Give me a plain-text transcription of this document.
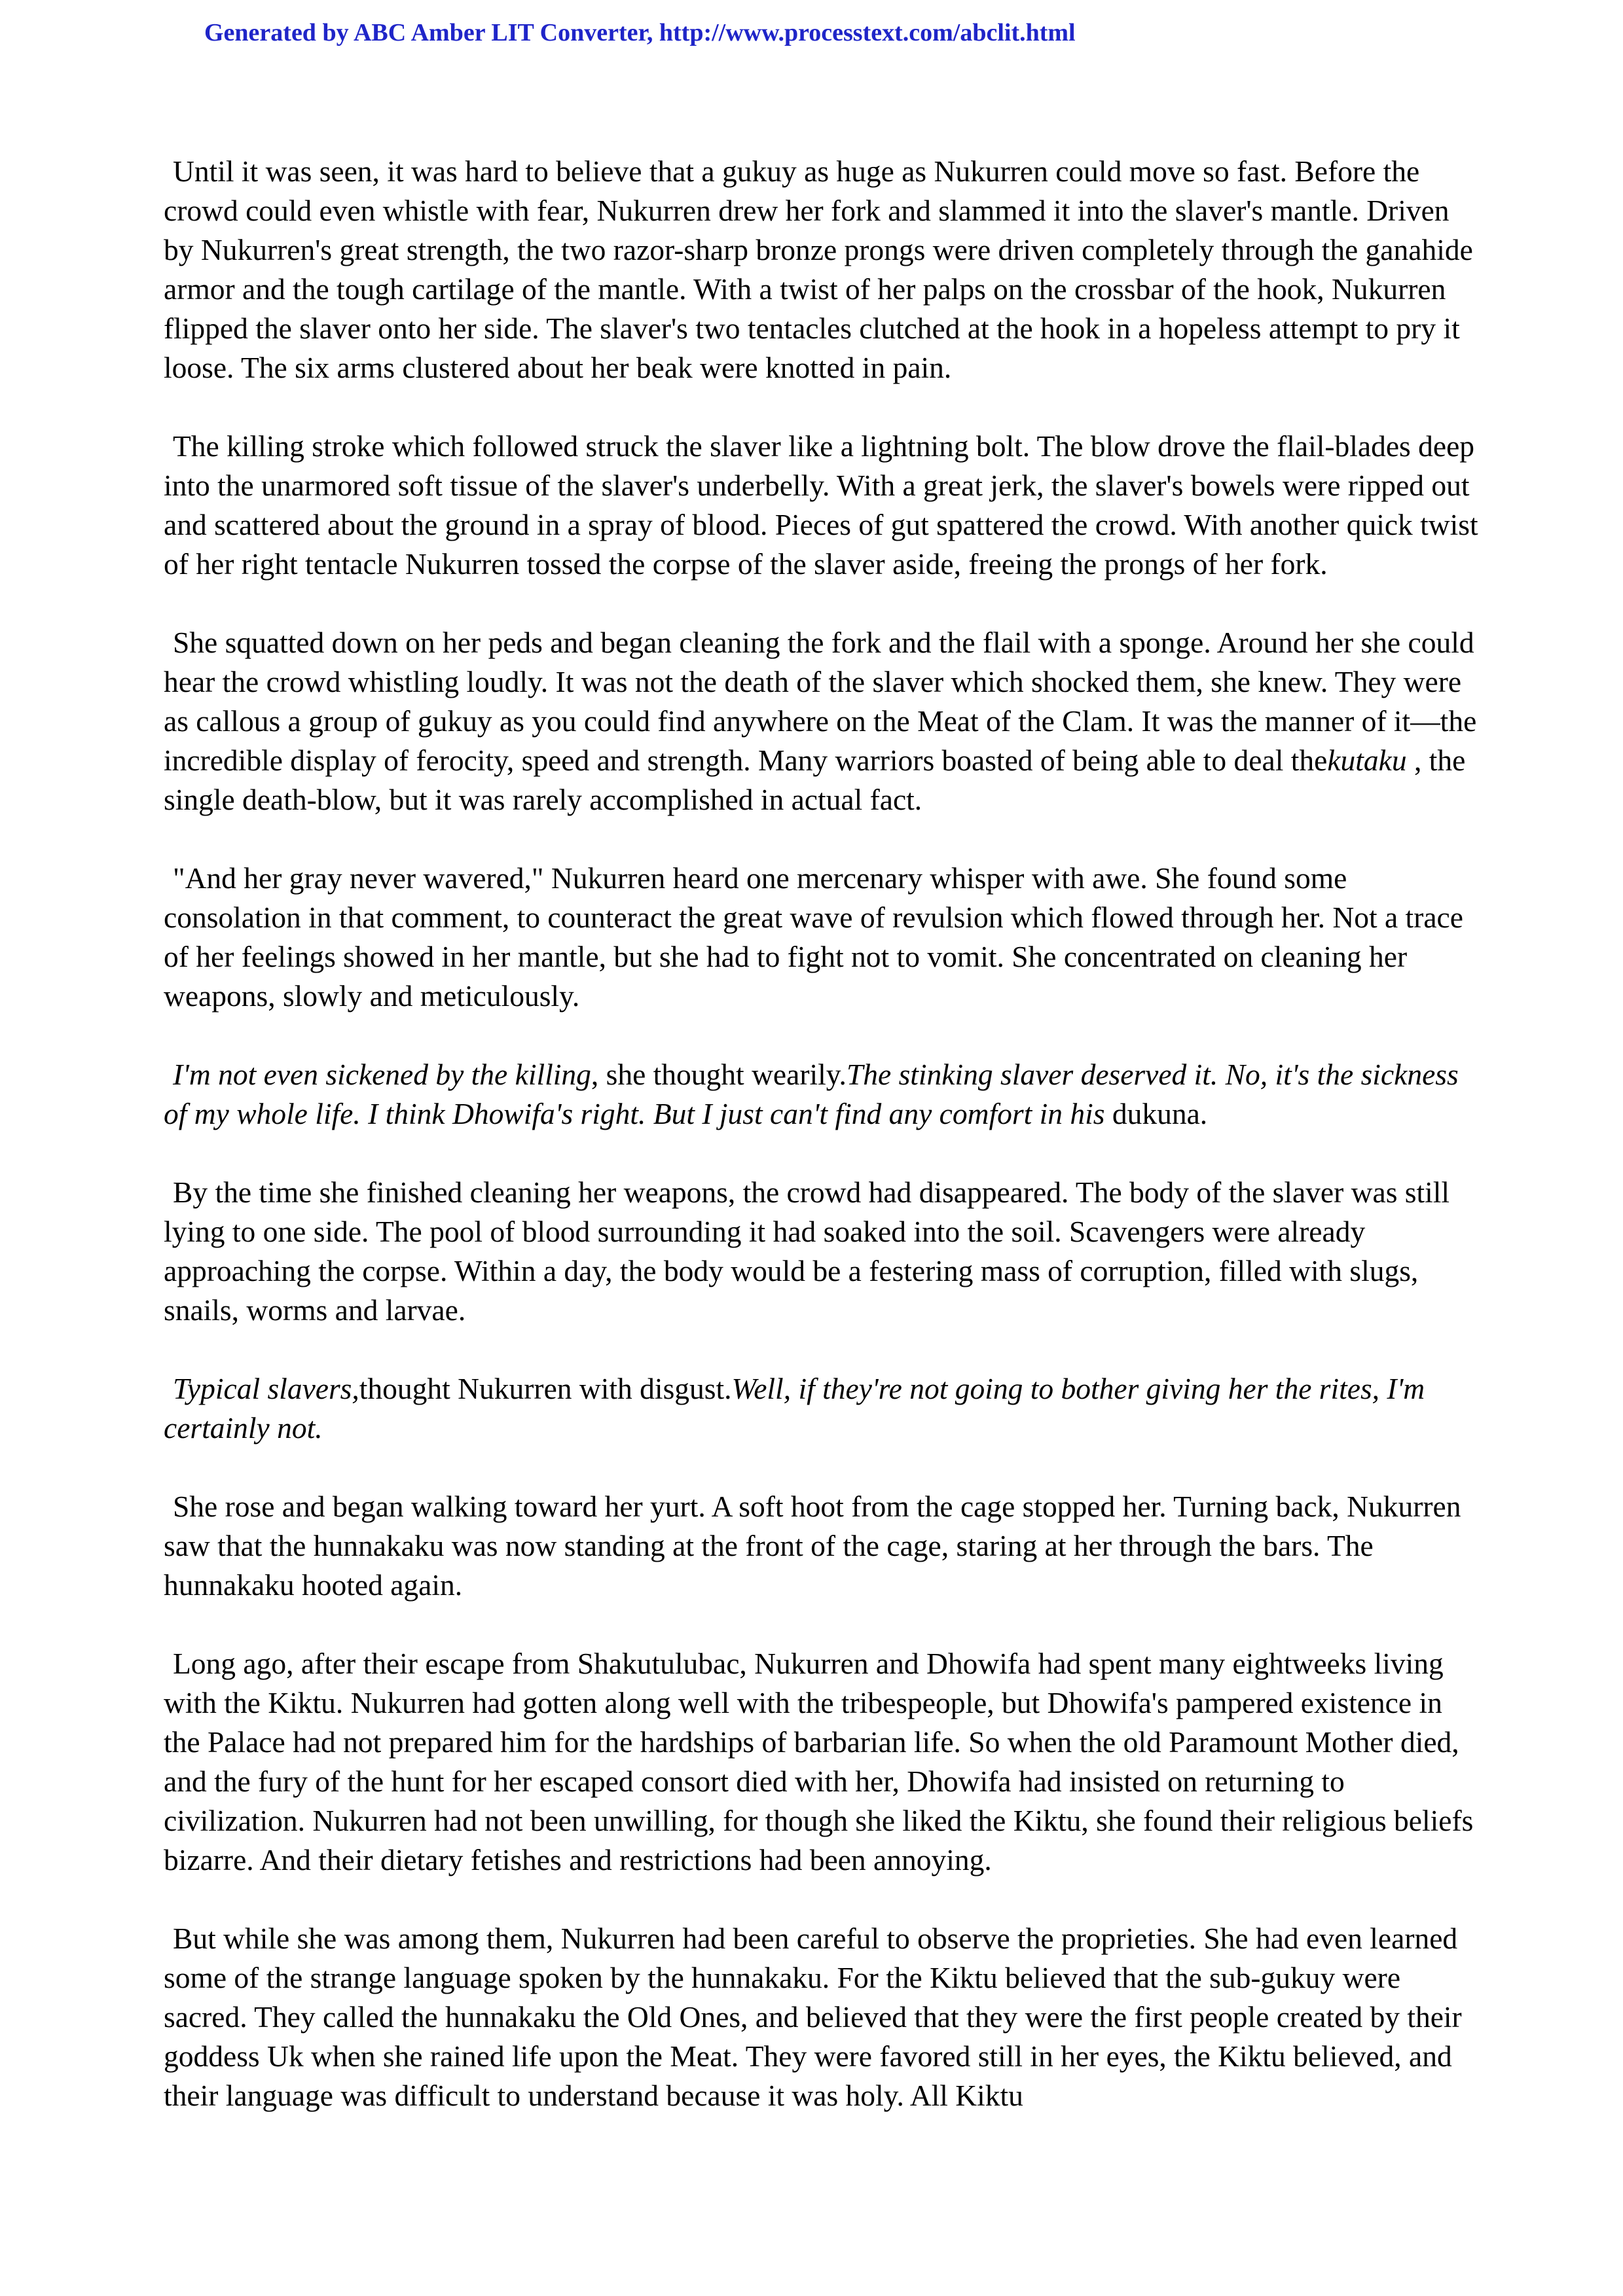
Generated by ABC Amber LIT Converter, http://www.processtext.com/abclit.html

Until it was seen, it was hard to believe that a gukuy as huge as Nukurren could move so fast. Before the crowd could even whistle with fear, Nukurren drew her fork and slammed it into the slaver's mantle. Driven by Nukurren's great strength, the two razor-sharp bronze prongs were driven completely through the ganahide armor and the tough cartilage of the mantle. With a twist of her palps on the crossbar of the hook, Nukurren flipped the slaver onto her side. The slaver's two tentacles clutched at the hook in a hopeless attempt to pry it loose. The six arms clustered about her beak were knotted in pain.

The killing stroke which followed struck the slaver like a lightning bolt. The blow drove the flail-blades deep into the unarmored soft tissue of the slaver's underbelly. With a great jerk, the slaver's bowels were ripped out and scattered about the ground in a spray of blood. Pieces of gut spattered the crowd. With another quick twist of her right tentacle Nukurren tossed the corpse of the slaver aside, freeing the prongs of her fork.

She squatted down on her peds and began cleaning the fork and the flail with a sponge. Around her she could hear the crowd whistling loudly. It was not the death of the slaver which shocked them, she knew. They were as callous a group of gukuy as you could find anywhere on the Meat of the Clam. It was the manner of it—the incredible display of ferocity, speed and strength. Many warriors boasted of being able to deal thekutaku , the single death-blow, but it was rarely accomplished in actual fact.

"And her gray never wavered," Nukurren heard one mercenary whisper with awe. She found some consolation in that comment, to counteract the great wave of revulsion which flowed through her. Not a trace of her feelings showed in her mantle, but she had to fight not to vomit. She concentrated on cleaning her weapons, slowly and meticulously.

I'm not even sickened by the killing, she thought wearily.The stinking slaver deserved it. No, it's the sickness of my whole life. I think Dhowifa's right. But I just can't find any comfort in his dukuna.

By the time she finished cleaning her weapons, the crowd had disappeared. The body of the slaver was still lying to one side. The pool of blood surrounding it had soaked into the soil. Scavengers were already approaching the corpse. Within a day, the body would be a festering mass of corruption, filled with slugs, snails, worms and larvae.

Typical slavers,thought Nukurren with disgust.Well, if they're not going to bother giving her the rites, I'm certainly not.

She rose and began walking toward her yurt. A soft hoot from the cage stopped her. Turning back, Nukurren saw that the hunnakaku was now standing at the front of the cage, staring at her through the bars. The hunnakaku hooted again.

Long ago, after their escape from Shakutulubac, Nukurren and Dhowifa had spent many eightweeks living with the Kiktu. Nukurren had gotten along well with the tribespeople, but Dhowifa's pampered existence in the Palace had not prepared him for the hardships of barbarian life. So when the old Paramount Mother died, and the fury of the hunt for her escaped consort died with her, Dhowifa had insisted on returning to civilization. Nukurren had not been unwilling, for though she liked the Kiktu, she found their religious beliefs bizarre. And their dietary fetishes and restrictions had been annoying.

But while she was among them, Nukurren had been careful to observe the proprieties. She had even learned some of the strange language spoken by the hunnakaku. For the Kiktu believed that the sub-gukuy were sacred. They called the hunnakaku the Old Ones, and believed that they were the first people created by their goddess Uk when she rained life upon the Meat. They were favored still in her eyes, the Kiktu believed, and their language was difficult to understand because it was holy. All Kiktu
